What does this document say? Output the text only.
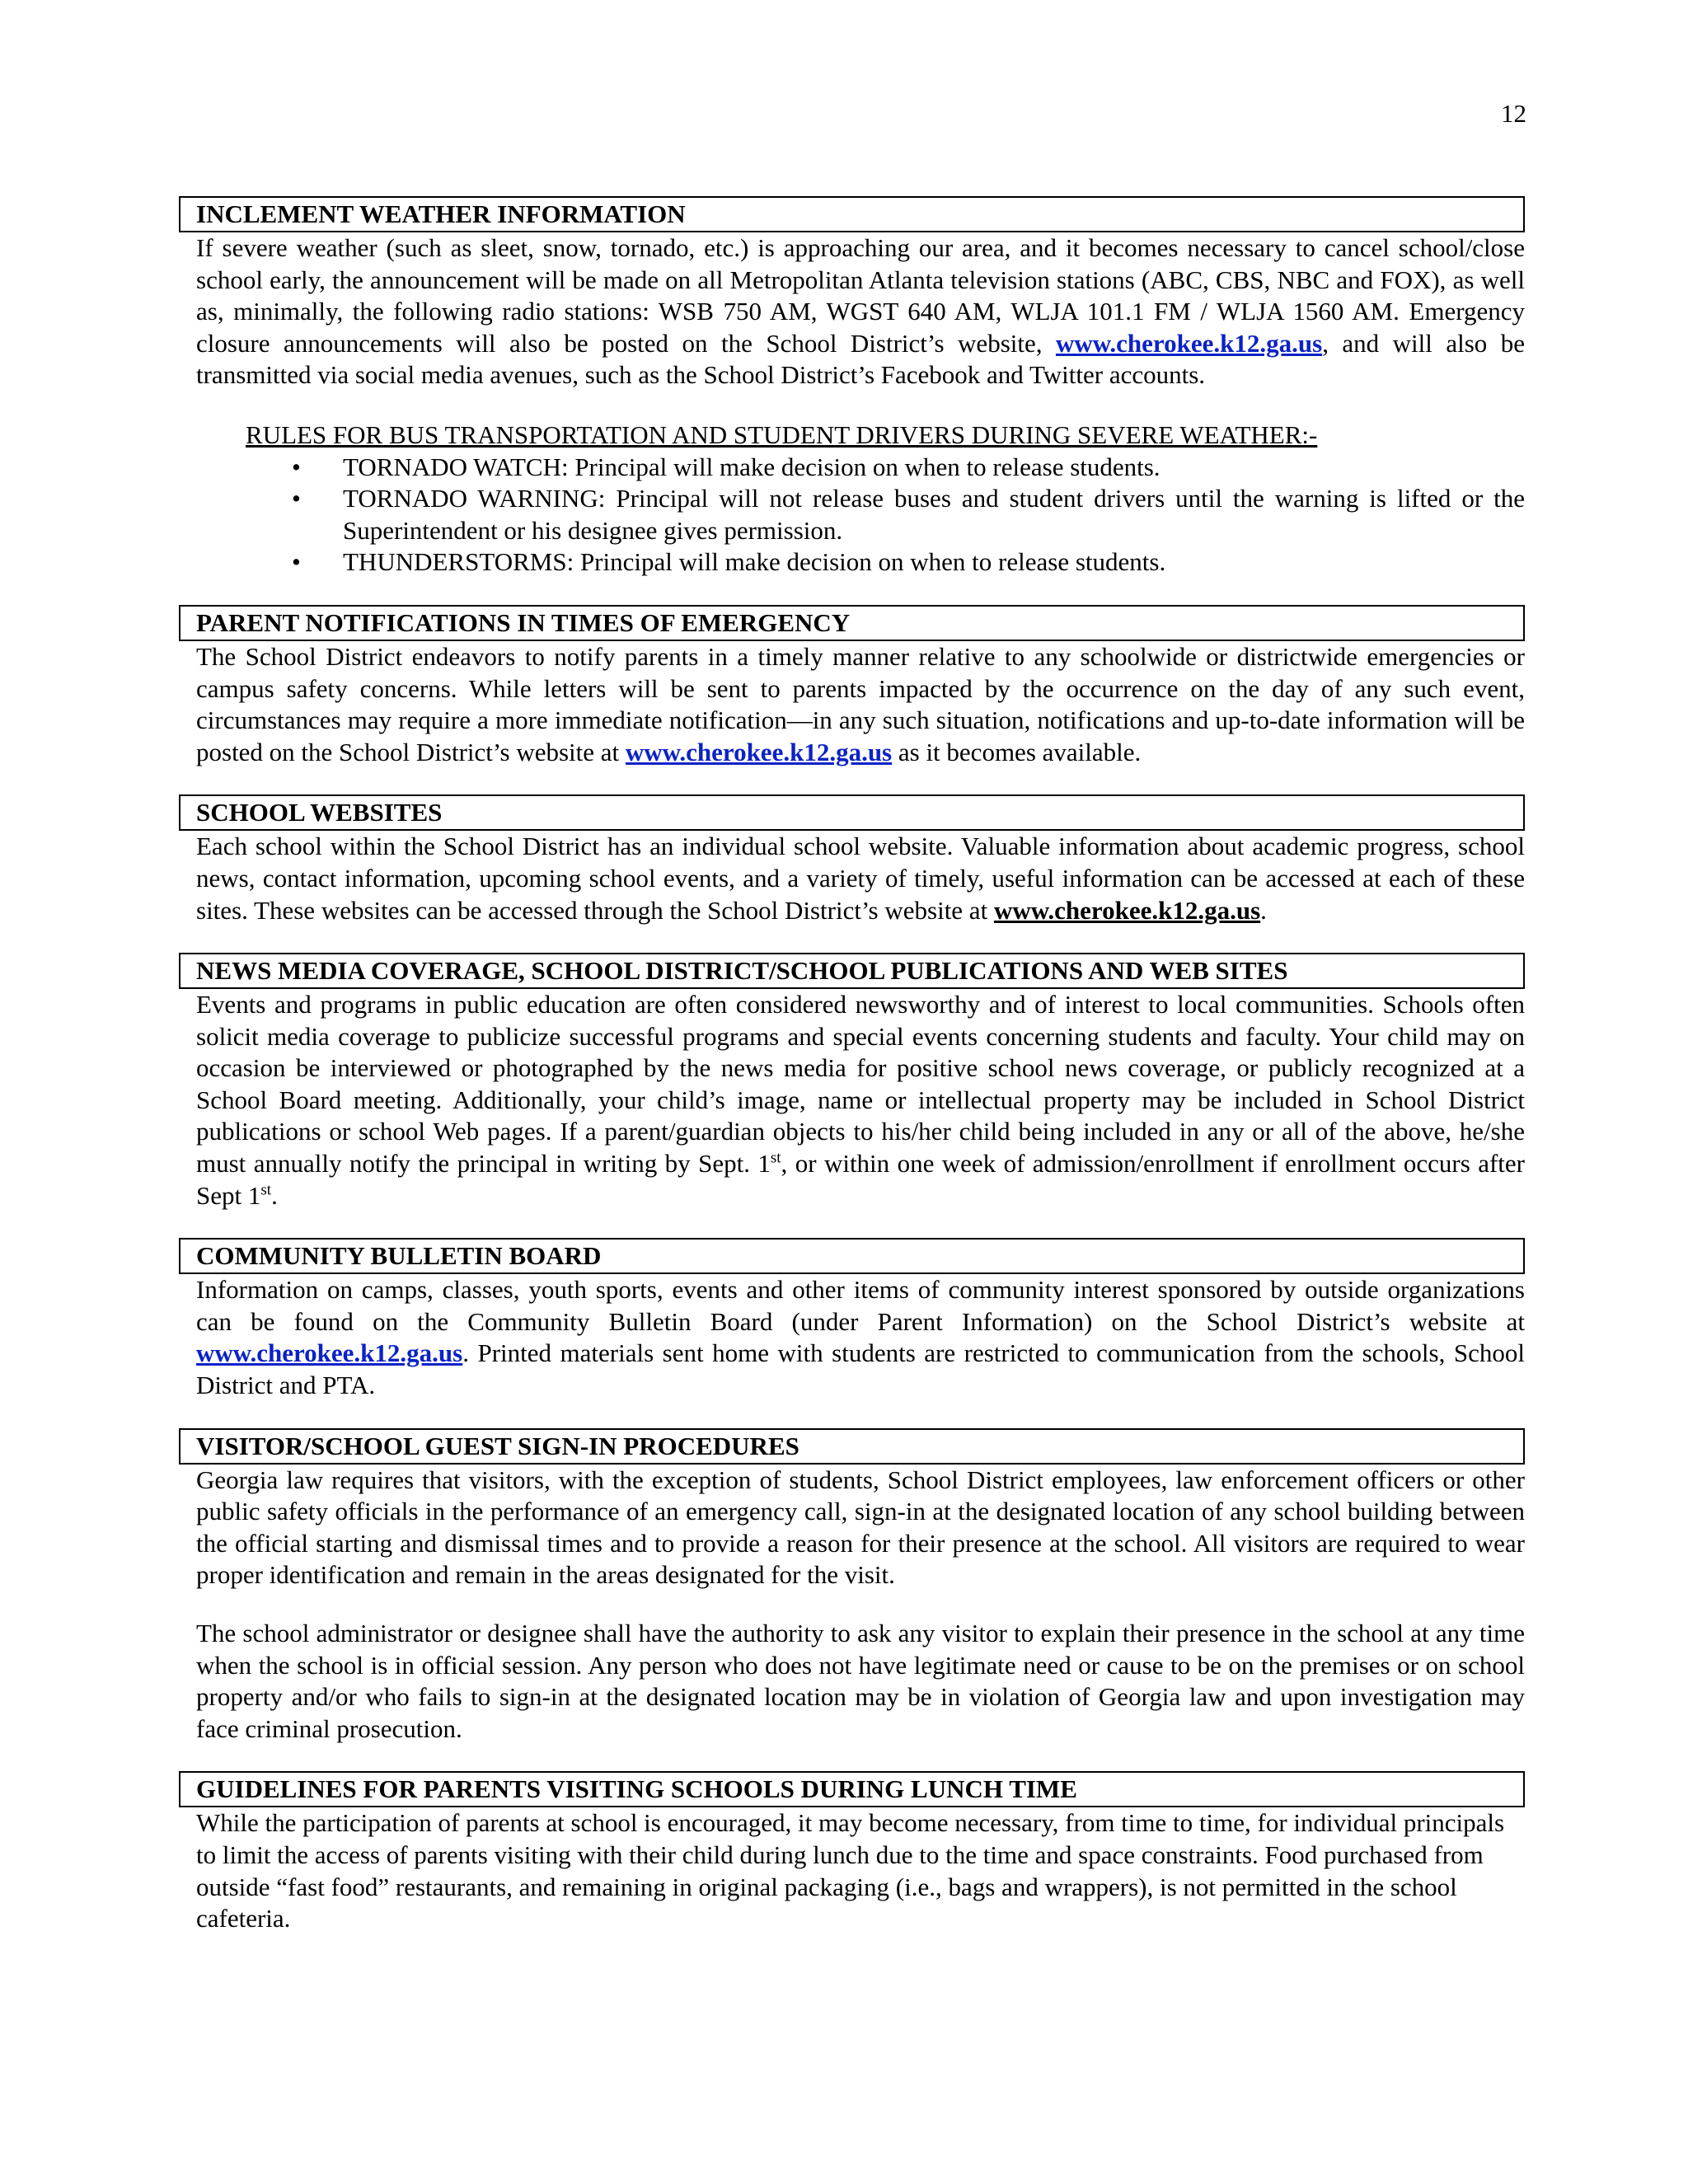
12
INCLEMENT WEATHER INFORMATION

If severe weather (such as sleet, snow, tornado, etc.) is approaching our area, and it becomes necessary to cancel school/close school early, the announcement will be made on all Metropolitan Atlanta television stations (ABC, CBS, NBC and FOX), as well as, minimally, the following radio stations: WSB 750 AM, WGST 640 AM, WLJA 101.1 FM / WLJA 1560 AM. Emergency closure announcements will also be posted on the School District’s website, www.cherokee.k12.ga.us, and will also be transmitted via social media avenues, such as the School District’s Facebook and Twitter accounts.

RULES FOR BUS TRANSPORTATION AND STUDENT DRIVERS DURING SEVERE WEATHER:-
• TORNADO WATCH: Principal will make decision on when to release students.
• TORNADO WARNING: Principal will not release buses and student drivers until the warning is lifted or the Superintendent or his designee gives permission.
• THUNDERSTORMS: Principal will make decision on when to release students.
PARENT NOTIFICATIONS IN TIMES OF EMERGENCY

The School District endeavors to notify parents in a timely manner relative to any schoolwide or districtwide emergencies or campus safety concerns. While letters will be sent to parents impacted by the occurrence on the day of any such event, circumstances may require a more immediate notification—in any such situation, notifications and up-to-date information will be posted on the School District’s website at www.cherokee.k12.ga.us as it becomes available.

SCHOOL WEBSITES

Each school within the School District has an individual school website. Valuable information about academic progress, school news, contact information, upcoming school events, and a variety of timely, useful information can be accessed at each of these sites. These websites can be accessed through the School District’s website at www.cherokee.k12.ga.us.

NEWS MEDIA COVERAGE, SCHOOL DISTRICT/SCHOOL PUBLICATIONS AND WEB SITES

Events and programs in public education are often considered newsworthy and of interest to local communities. Schools often solicit media coverage to publicize successful programs and special events concerning students and faculty. Your child may on occasion be interviewed or photographed by the news media for positive school news coverage, or publicly recognized at a School Board meeting. Additionally, your child’s image, name or intellectual property may be included in School District publications or school Web pages. If a parent/guardian objects to his/her child being included in any or all of the above, he/she must annually notify the principal in writing by Sept. 1st, or within one week of admission/enrollment if enrollment occurs after Sept 1st.

COMMUNITY BULLETIN BOARD

Information on camps, classes, youth sports, events and other items of community interest sponsored by outside organizations can be found on the Community Bulletin Board (under Parent Information) on the School District’s website at www.cherokee.k12.ga.us. Printed materials sent home with students are restricted to communication from the schools, School District and PTA.

VISITOR/SCHOOL GUEST SIGN-IN PROCEDURES

Georgia law requires that visitors, with the exception of students, School District employees, law enforcement officers or other public safety officials in the performance of an emergency call, sign-in at the designated location of any school building between the official starting and dismissal times and to provide a reason for their presence at the school. All visitors are required to wear proper identification and remain in the areas designated for the visit.

The school administrator or designee shall have the authority to ask any visitor to explain their presence in the school at any time when the school is in official session. Any person who does not have legitimate need or cause to be on the premises or on school property and/or who fails to sign-in at the designated location may be in violation of Georgia law and upon investigation may face criminal prosecution.

GUIDELINES FOR PARENTS VISITING SCHOOLS DURING LUNCH TIME

While the participation of parents at school is encouraged, it may become necessary, from time to time, for individual principals to limit the access of parents visiting with their child during lunch due to the time and space constraints. Food purchased from outside “fast food” restaurants, and remaining in original packaging (i.e., bags and wrappers), is not permitted in the school cafeteria.
